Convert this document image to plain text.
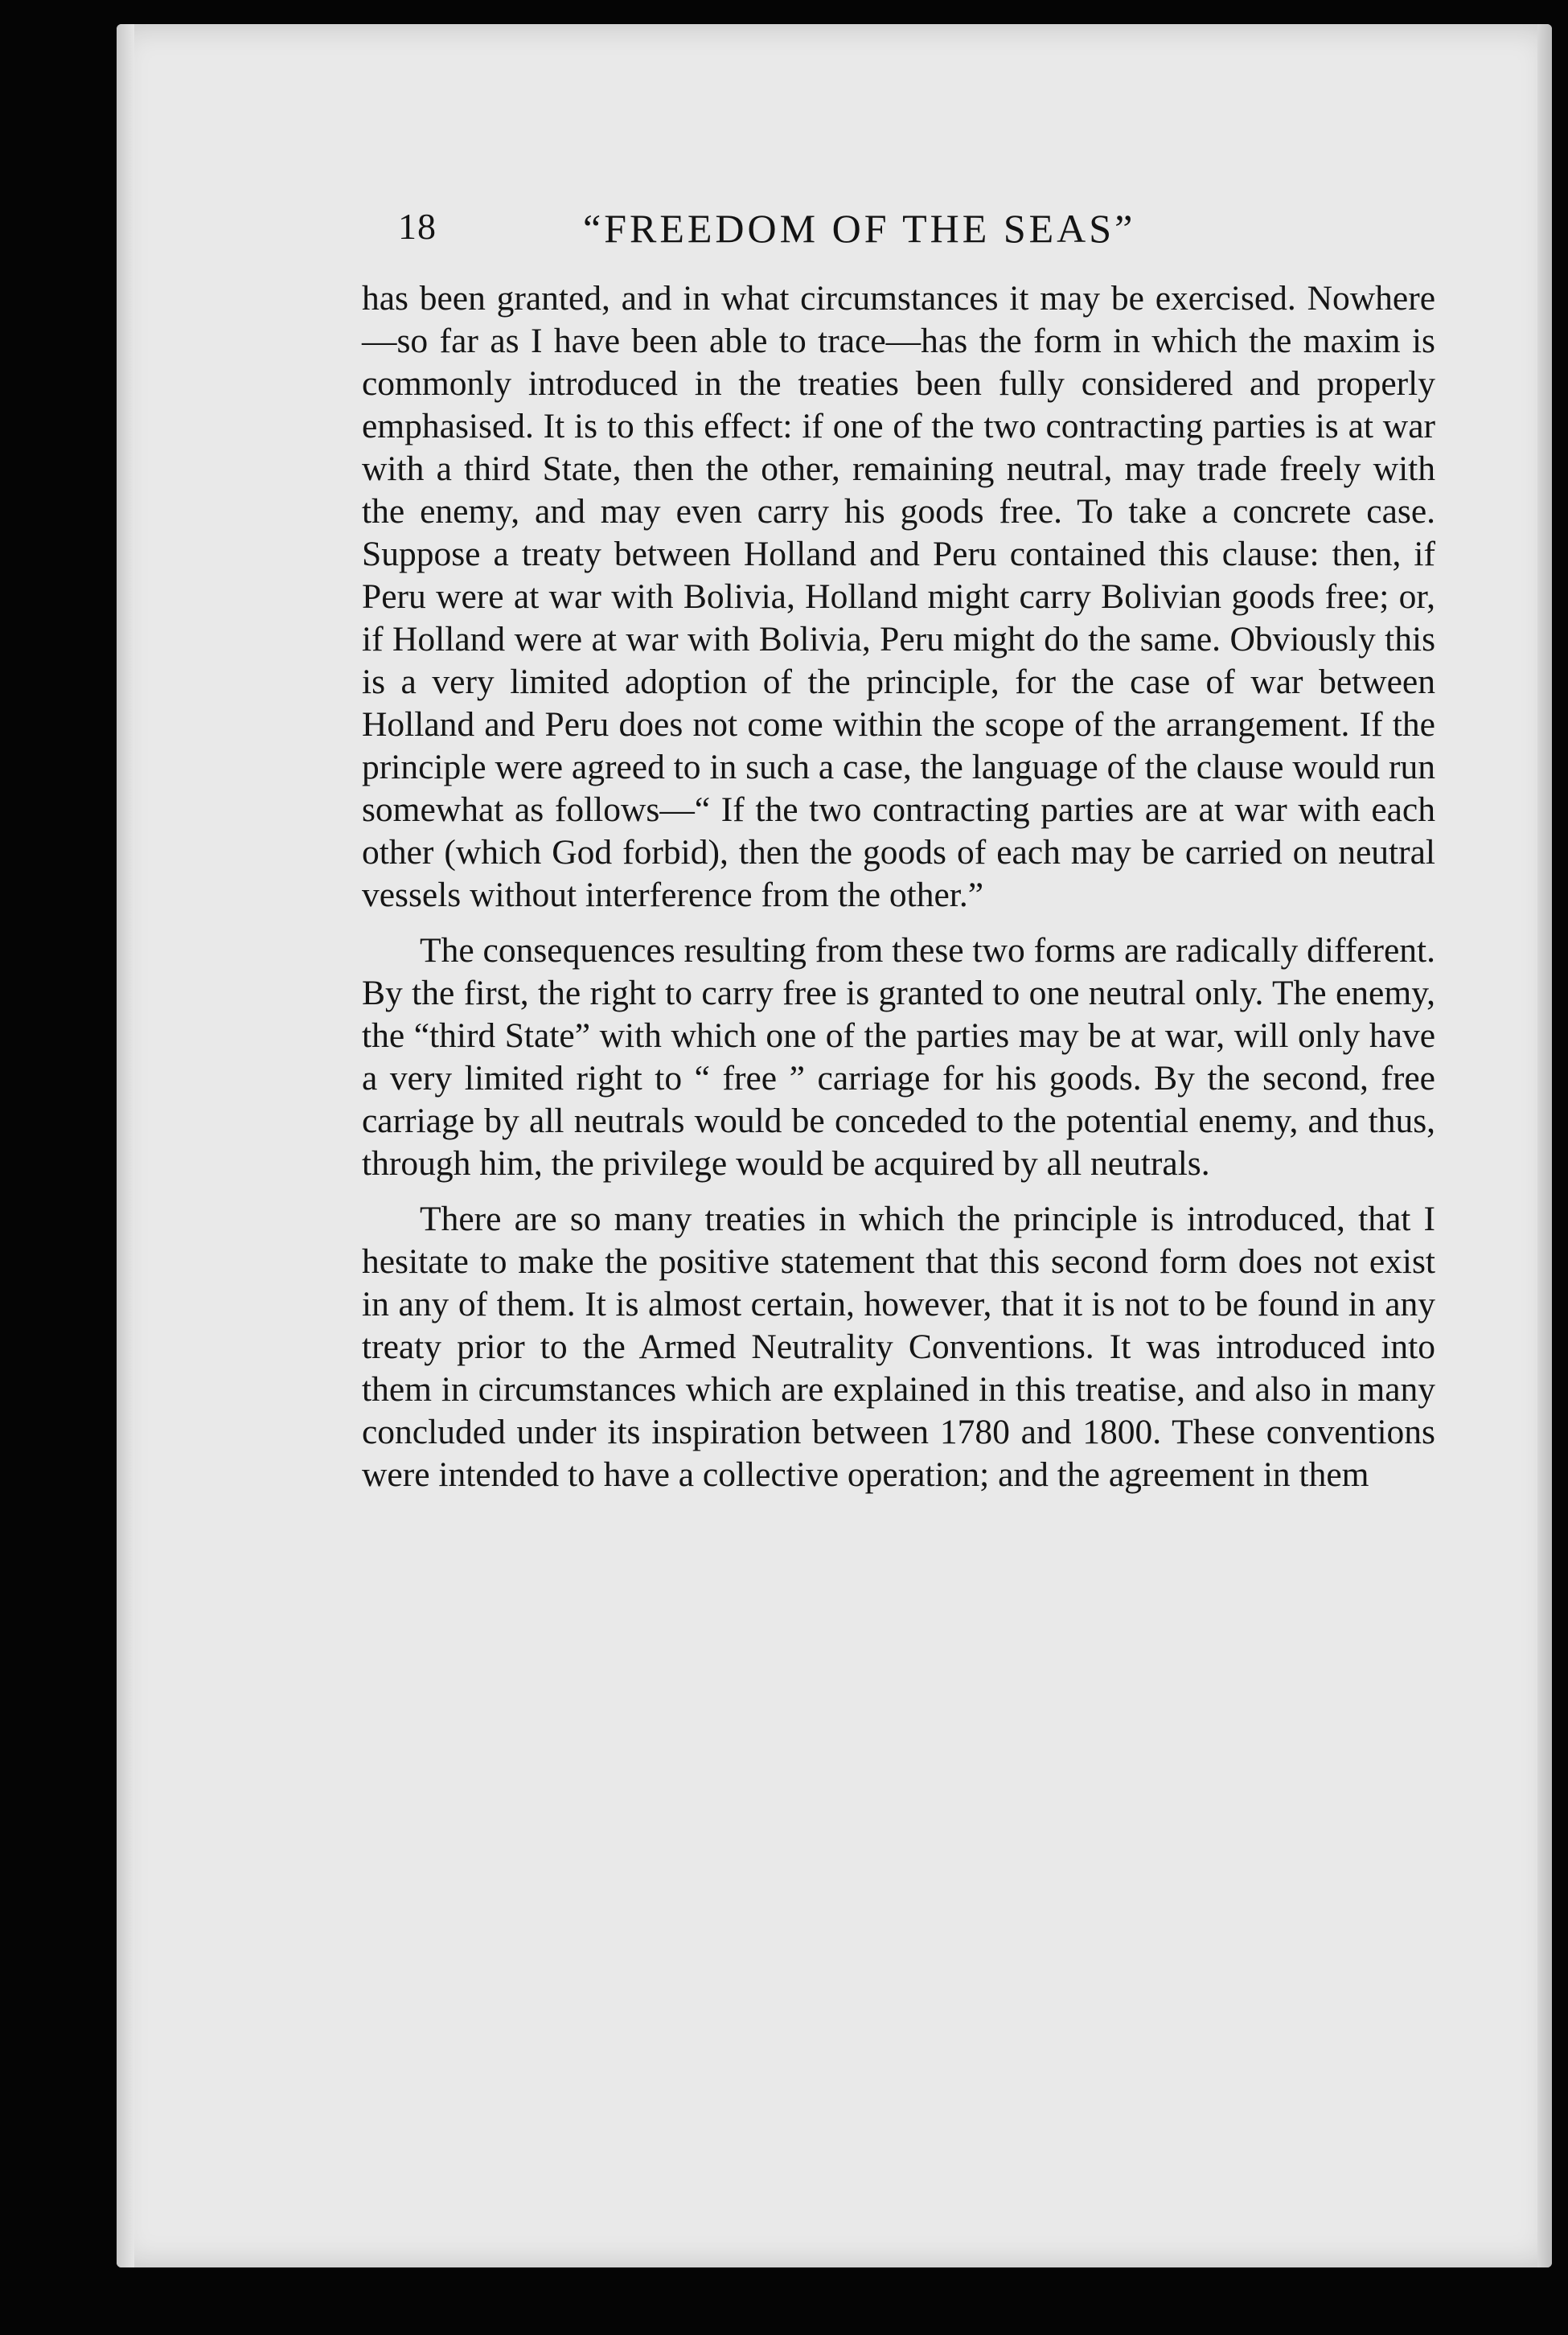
18	“FREEDOM OF THE SEAS”

has been granted, and in what circumstances it may be exercised. Nowhere—so far as I have been able to trace—has the form in which the maxim is commonly introduced in the treaties been fully considered and properly emphasised. It is to this effect: if one of the two contracting parties is at war with a third State, then the other, remaining neutral, may trade freely with the enemy, and may even carry his goods free. To take a concrete case. Suppose a treaty between Holland and Peru contained this clause: then, if Peru were at war with Bolivia, Holland might carry Bolivian goods free; or, if Holland were at war with Bolivia, Peru might do the same. Obviously this is a very limited adoption of the principle, for the case of war between Holland and Peru does not come within the scope of the arrangement. If the principle were agreed to in such a case, the language of the clause would run somewhat as follows—“ If the two contracting parties are at war with each other (which God forbid), then the goods of each may be carried on neutral vessels without interference from the other.”

The consequences resulting from these two forms are radically different. By the first, the right to carry free is granted to one neutral only. The enemy, the “third State” with which one of the parties may be at war, will only have a very limited right to “ free ” carriage for his goods. By the second, free carriage by all neutrals would be conceded to the potential enemy, and thus, through him, the privilege would be acquired by all neutrals.

There are so many treaties in which the principle is introduced, that I hesitate to make the positive statement that this second form does not exist in any of them. It is almost certain, however, that it is not to be found in any treaty prior to the Armed Neutrality Conventions. It was introduced into them in circumstances which are explained in this treatise, and also in many concluded under its inspiration between 1780 and 1800. These conventions were intended to have a collective operation; and the agreement in them
